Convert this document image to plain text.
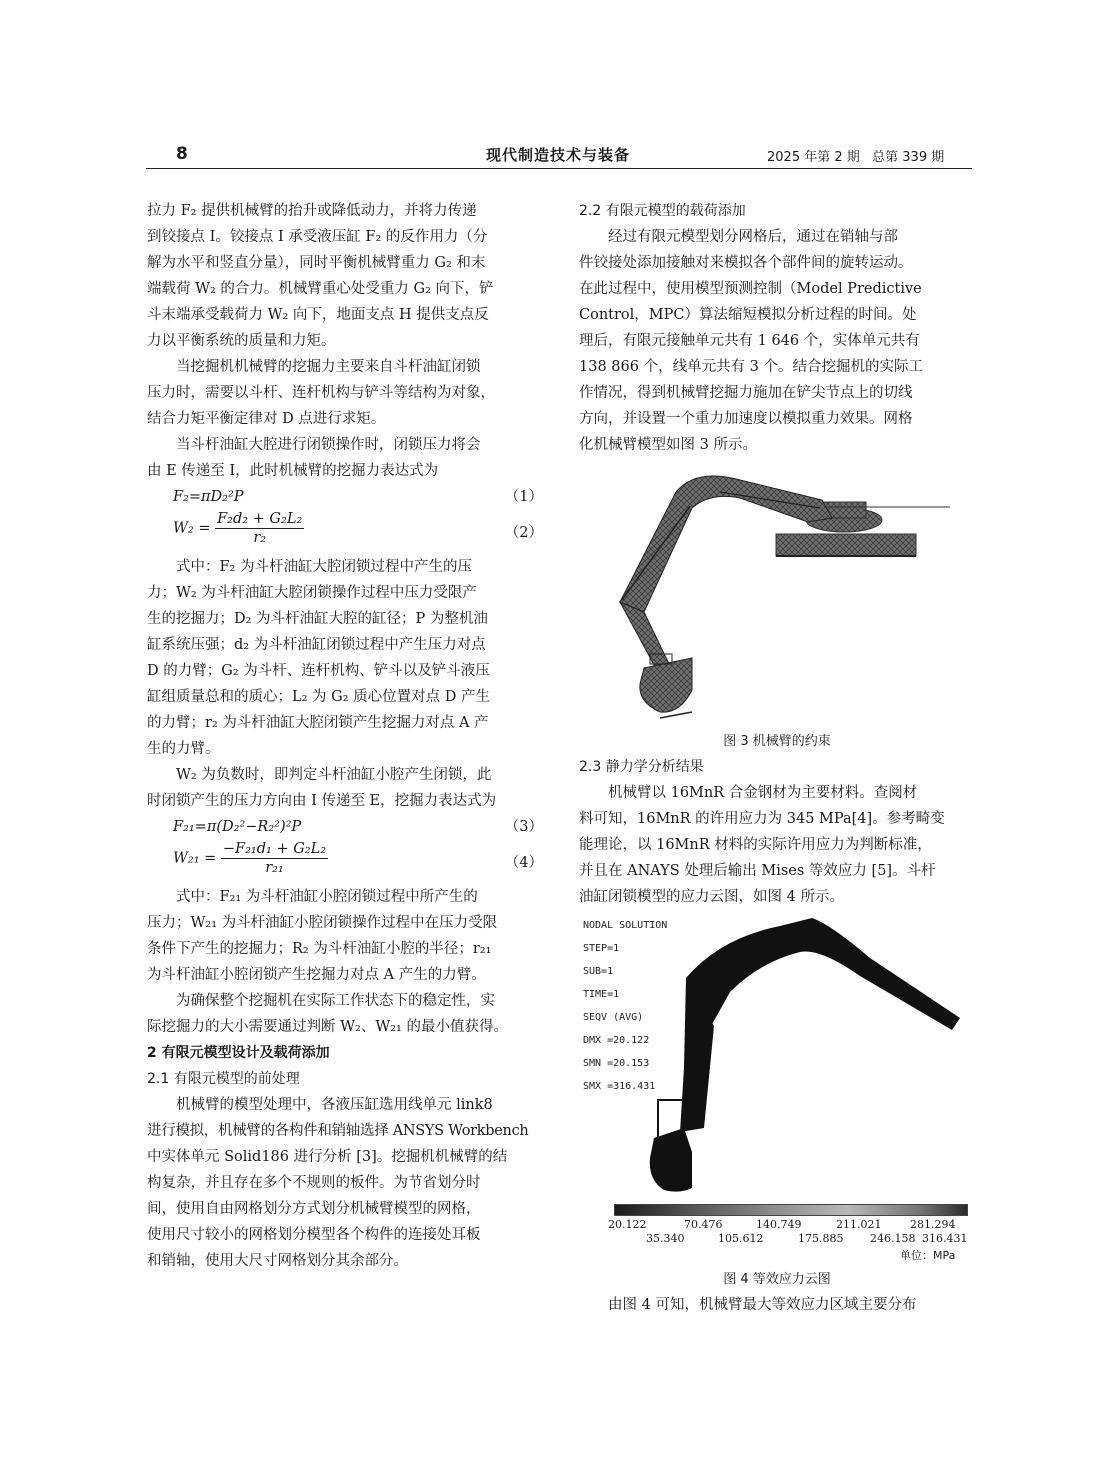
8	现代制造技术与装备	2025 年第 2 期   总第 339 期

拉力 F₂ 提供机械臂的抬升或降低动力，并将力传递

到铰接点 I。铰接点 I 承受液压缸 F₂ 的反作用力（分

解为水平和竖直分量），同时平衡机械臂重力 G₂ 和末

端载荷 W₂ 的合力。机械臂重心处受重力 G₂ 向下，铲

斗末端承受载荷力 W₂ 向下，地面支点 H 提供支点反

力以平衡系统的质量和力矩。

当挖掘机机械臂的挖掘力主要来自斗杆油缸闭锁

压力时，需要以斗杆、连杆机构与铲斗等结构为对象，

结合力矩平衡定律对 D 点进行求矩。

当斗杆油缸大腔进行闭锁操作时，闭锁压力将会

由 E 传递至 I，此时机械臂的挖掘力表达式为

F₂=πD₂²P	（1）
$W_2 = \frac{\text{F₂d₂ + G₂L₂}}{\text{r₂}}$	（2）

式中：F₂ 为斗杆油缸大腔闭锁过程中产生的压

力；W₂ 为斗杆油缸大腔闭锁操作过程中压力受限产

生的挖掘力；D₂ 为斗杆油缸大腔的缸径；P 为整机油

缸系统压强；d₂ 为斗杆油缸闭锁过程中产生压力对点

D 的力臂；G₂ 为斗杆、连杆机构、铲斗以及铲斗液压

缸组质量总和的质心；L₂ 为 G₂ 质心位置对点 D 产生

的力臂；r₂ 为斗杆油缸大腔闭锁产生挖掘力对点 A 产

生的力臂。

W₂ 为负数时，即判定斗杆油缸小腔产生闭锁，此

时闭锁产生的压力方向由 I 传递至 E，挖掘力表达式为

F₂₁=π(D₂²−R₂²)²P	（3）
$W_{21} = \frac{\text{−F₂₁d₁ + G₂L₂}}{\text{r₂₁}}$	（4）

式中：F₂₁ 为斗杆油缸小腔闭锁过程中所产生的

压力；W₂₁ 为斗杆油缸小腔闭锁操作过程中在压力受限

条件下产生的挖掘力；R₂ 为斗杆油缸小腔的半径；r₂₁

为斗杆油缸小腔闭锁产生挖掘力对点 A 产生的力臂。

为确保整个挖掘机在实际工作状态下的稳定性，实

际挖掘力的大小需要通过判断 W₂、W₂₁ 的最小值获得。

2 有限元模型设计及载荷添加

2.1 有限元模型的前处理

机械臂的模型处理中，各液压缸选用线单元 link8

进行模拟，机械臂的各构件和销轴选择 ANSYS Workbench

中实体单元 Solid186 进行分析 [3]。挖掘机机械臂的结

构复杂，并且存在多个不规则的板件。为节省划分时

间，使用自由网格划分方式划分机械臂模型的网格，

使用尺寸较小的网格划分模型各个构件的连接处耳板

和销轴，使用大尺寸网格划分其余部分。

2.2 有限元模型的载荷添加

经过有限元模型划分网格后，通过在销轴与部

件铰接处添加接触对来模拟各个部件间的旋转运动。

在此过程中，使用模型预测控制（Model Predictive

Control，MPC）算法缩短模拟分析过程的时间。处

理后，有限元接触单元共有 1 646 个，实体单元共有

138 866 个，线单元共有 3 个。结合挖掘机的实际工

作情况，得到机械臂挖掘力施加在铲尖节点上的切线

方向，并设置一个重力加速度以模拟重力效果。网格

化机械臂模型如图 3 所示。

图 3 机械臂的约束

2.3 静力学分析结果

机械臂以 16MnR 合金钢材为主要材料。查阅材

料可知，16MnR 的许用应力为 345 MPa[4]。参考畸变

能理论，以 16MnR 材料的实际许用应力为判断标准，

并且在 ANAYS 处理后输出 Mises 等效应力 [5]。斗杆

油缸闭锁模型的应力云图，如图 4 所示。

NODAL SOLUTION
STEP=1
SUB=1
TIME=1
SEQV (AVG)
DMX =20.122
SMN =20.153
SMX =316.431
20.122	70.476	140.749	211.021	281.294
35.340	105.612	175.885 246.158 316.431
单位：MPa
图 4 等效应力云图

由图 4 可知，机械臂最大等效应力区域主要分布
